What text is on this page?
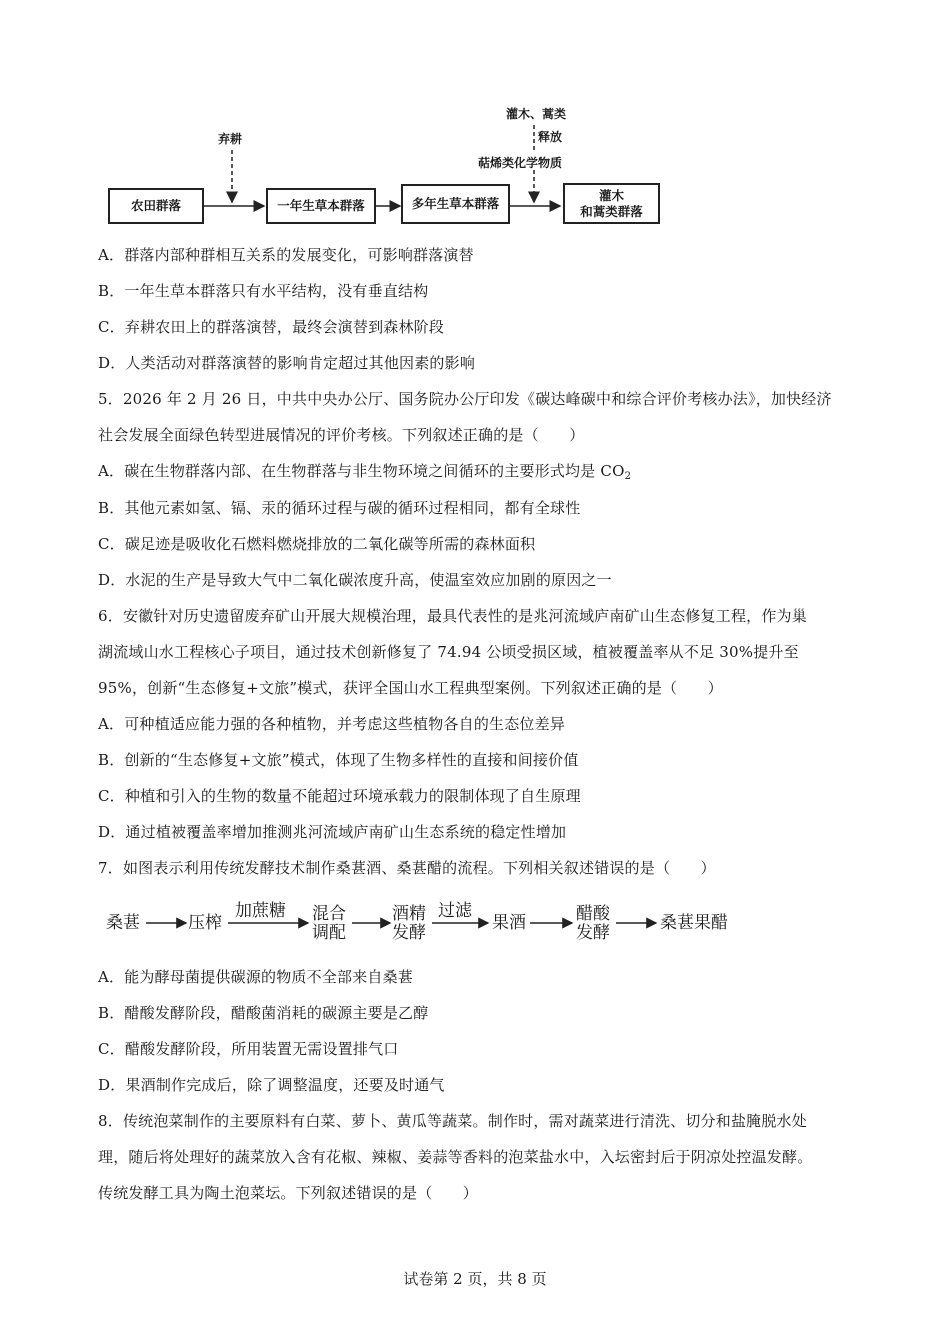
农田群落	一年生草本群落	多年生草本群落
灌木
和蒿类群落
弃耕
灌木、蒿类
释放
萜烯类化学物质
A．群落内部种群相互关系的发展变化，可影响群落演替
B．一年生草本群落只有水平结构，没有垂直结构
C．弃耕农田上的群落演替，最终会演替到森林阶段
D．人类活动对群落演替的影响肯定超过其他因素的影响
5．2026 年 2 月 26 日，中共中央办公厅、国务院办公厅印发《碳达峰碳中和综合评价考核办法》，加快经济
社会发展全面绿色转型进展情况的评价考核。下列叙述正确的是（　　）
A．碳在生物群落内部、在生物群落与非生物环境之间循环的主要形式均是 $CO_2$
B．其他元素如氢、镉、汞的循环过程与碳的循环过程相同，都有全球性
C．碳足迹是吸收化石燃料燃烧排放的二氧化碳等所需的森林面积
D．水泥的生产是导致大气中二氧化碳浓度升高，使温室效应加剧的原因之一
6．安徽针对历史遗留废弃矿山开展大规模治理，最具代表性的是兆河流域庐南矿山生态修复工程，作为巢
湖流域山水工程核心子项目，通过技术创新修复了 74.94 公顷受损区域，植被覆盖率从不足 30%提升至
95%，创新“生态修复+文旅”模式，获评全国山水工程典型案例。下列叙述正确的是（　　）
A．可种植适应能力强的各种植物，并考虑这些植物各自的生态位差异
B．创新的“生态修复+文旅”模式，体现了生物多样性的直接和间接价值
C．种植和引入的生物的数量不能超过环境承载力的限制体现了自生原理
D．通过植被覆盖率增加推测兆河流域庐南矿山生态系统的稳定性增加
7．如图表示利用传统发酵技术制作桑葚酒、桑葚醋的流程。下列相关叙述错误的是（　　）
桑葚	压榨
加蔗糖 混合
调配
酒精
发酵
过滤
果酒	醋酸
发酵	桑葚果醋
A．能为酵母菌提供碳源的物质不全部来自桑葚
B．醋酸发酵阶段，醋酸菌消耗的碳源主要是乙醇
C．醋酸发酵阶段，所用装置无需设置排气口
D．果酒制作完成后，除了调整温度，还要及时通气
8．传统泡菜制作的主要原料有白菜、萝卜、黄瓜等蔬菜。制作时，需对蔬菜进行清洗、切分和盐腌脱水处
理，随后将处理好的蔬菜放入含有花椒、辣椒、姜蒜等香料的泡菜盐水中，入坛密封后于阴凉处控温发酵。
传统发酵工具为陶土泡菜坛。下列叙述错误的是（　　）
试卷第 2 页，共 8 页
